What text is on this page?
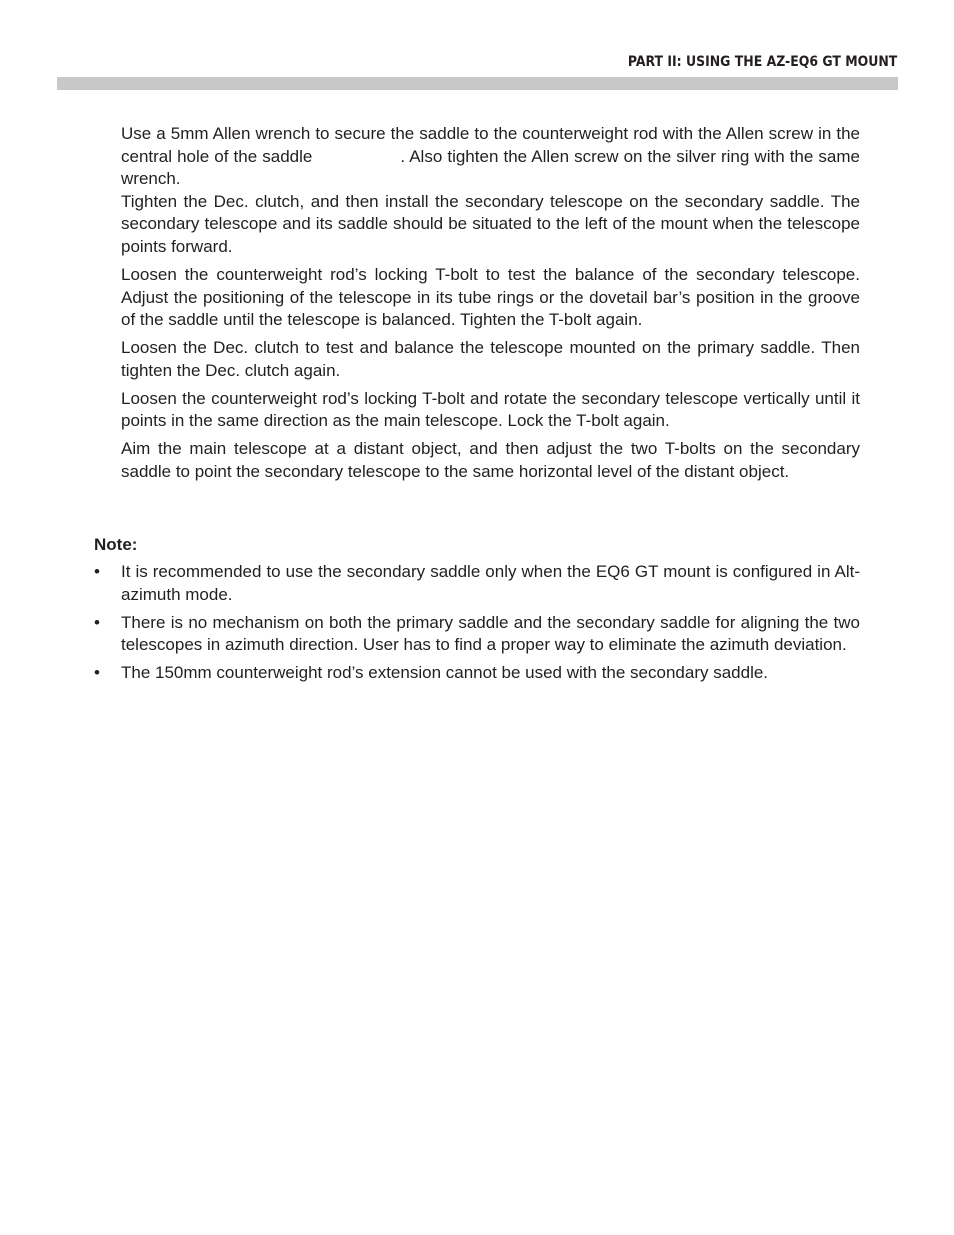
PART II: USING THE AZ-EQ6 GT MOUNT

Use a 5mm Allen wrench to secure the saddle to the counterweight rod with the Allen screw in the central hole of the saddle	. Also tighten the Allen screw on the silver ring with the same wrench.

Tighten the Dec. clutch, and then install the secondary telescope on the secondary saddle. The secondary telescope and its saddle should be situated to the left of the mount when the telescope points forward.

Loosen the counterweight rod’s locking T-bolt to test the balance of the secondary telescope. Adjust the positioning of the telescope in its tube rings or the dovetail bar’s position in the groove of the saddle until the telescope is balanced. Tighten the T-bolt again.

Loosen the Dec. clutch to test and balance the telescope mounted on the primary saddle. Then tighten the Dec. clutch again.

Loosen the counterweight rod’s locking T-bolt and rotate the secondary telescope vertically until it points in the same direction as the main telescope. Lock the T-bolt again.

Aim the main telescope at a distant object, and then adjust the two T-bolts on the secondary saddle to point the secondary telescope to the same horizontal level of the distant object.

Note:
• It is recommended to use the secondary saddle only when the EQ6 GT mount is configured in Alt-azimuth mode.
• There is no mechanism on both the primary saddle and the secondary saddle for aligning the two telescopes in azimuth direction. User has to find a proper way to eliminate the azimuth deviation.
• The 150mm counterweight rod’s extension cannot be used with the secondary saddle.
